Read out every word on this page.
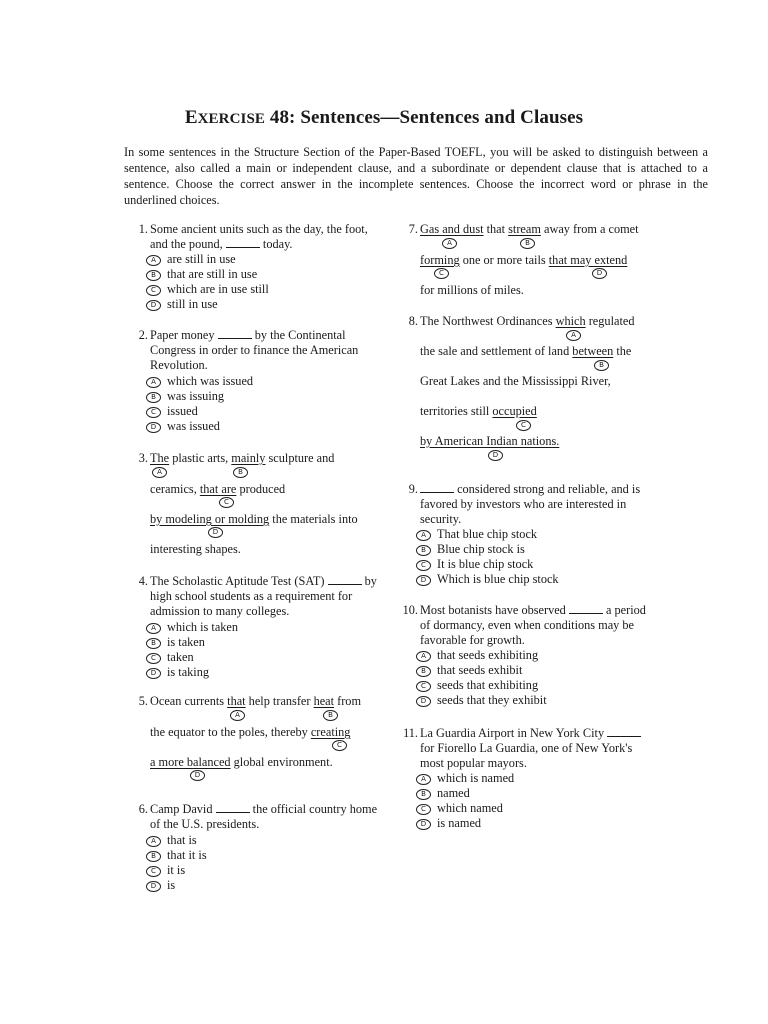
EXERCISE 48: Sentences—Sentences and Clauses
In some sentences in the Structure Section of the Paper-Based TOEFL, you will be asked to distinguish between a sentence, also called a main or independent clause, and a subordinate or dependent clause that is attached to a sentence. Choose the correct answer in the incomplete sentences. Choose the incorrect word or phrase in the underlined choices.
1. Some ancient units such as the day, the foot, and the pound,	today.
A are still in use
B that are still in use
C which are in use still
D still in use
2. Paper money	by the Continental Congress in order to finance the American Revolution.
A which was issued
B was issuing
C issued
D was issued
3. The plastic arts, mainly sculpture and
A	B
ceramics, that are produced
C
by modeling or molding the materials into
D
interesting shapes.
4. The Scholastic Aptitude Test (SAT)	by high school students as a requirement for admission to many colleges.
A which is taken
B is taken
C taken
D is taking
5. Ocean currents that help transfer heat from
A	B
the equator to the poles, thereby creating
C
a more balanced global environment.
D
6. Camp David	the official country home of the U.S. presidents.
A that is
B that it is
C it is
D is
7. Gas and dust that stream away from a comet
A	B
forming one or more tails that may extend
C	D
for millions of miles.
8. The Northwest Ordinances which regulated
A
the sale and settlement of land between the
B
Great Lakes and the Mississippi River,
territories still occupied
C
by American Indian nations.
D
9.	considered strong and reliable, and is favored by investors who are interested in security.
A That blue chip stock
B Blue chip stock is
C It is blue chip stock
D Which is blue chip stock
10. Most botanists have observed	a period of dormancy, even when conditions may be favorable for growth.
A that seeds exhibiting
B that seeds exhibit
C seeds that exhibiting
D seeds that they exhibit
11. La Guardia Airport in New York City  for Fiorello La Guardia, one of New York's most popular mayors.
A which is named
B named
C which named
D is named
